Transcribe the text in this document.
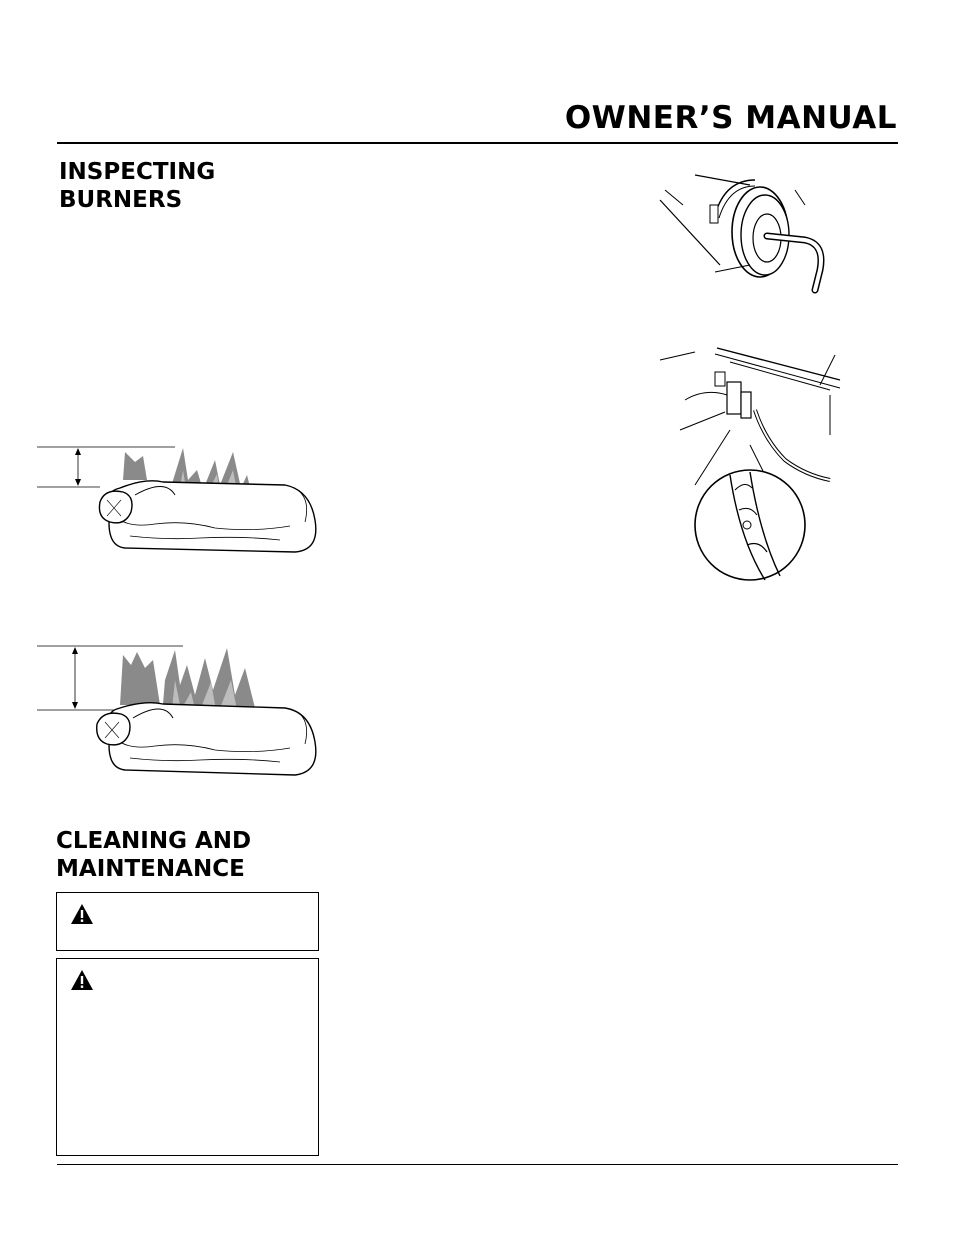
OWNER’S MANUAL
INSPECTING
BURNERS
CLEANING AND
MAINTENANCE
